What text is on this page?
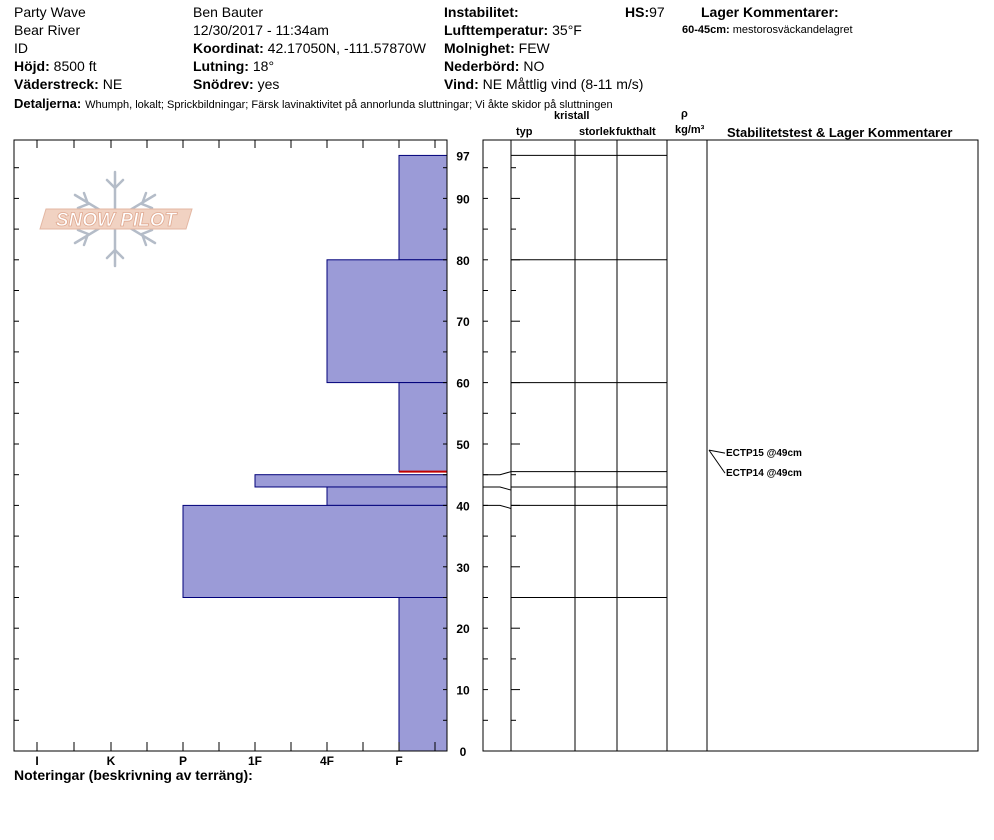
Party Wave
Bear River
ID
Höjd: 8500 ft
Väderstreck: NE
Ben Bauter
12/30/2017 - 11:34am
Koordinat: 42.17050N, -111.57870W
Lutning: 18°
Snödrev: yes
Instabilitet:
Lufttemperatur: 35°F
Molnighet: FEW
Nederbörd: NO
Vind: NE Måttlig vind (8-11 m/s)
HS:97	Lager Kommentarer:
60-45cm: mestorosväckandelagret
Detaljerna: Whumph, lokalt; Sprickbildningar; Färsk lavinaktivitet på annorlunda sluttningar; Vi åkte skidor på sluttningen
kristall
typ	storlek fukthalt
ρ
kg/m³ Stabilitetstest & Lager Kommentarer
SNOW PILOT
I	K	P	1F	4F	F
0
10
20
30
40
50
60
70
80
90
97
ECTP15 @49cm
ECTP14 @49cm
Noteringar (beskrivning av terräng):
